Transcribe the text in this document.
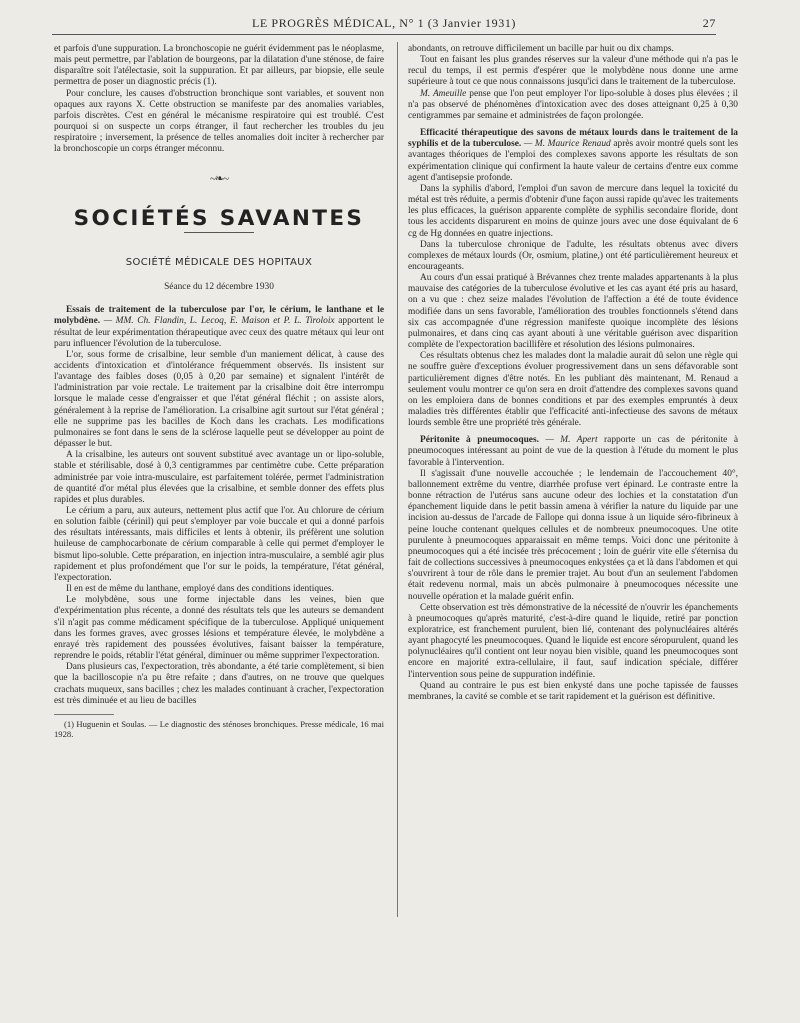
LE PROGRÈS MÉDICAL, N° 1 (3 Janvier 1931)	27

et parfois d'une suppuration. La bronchoscopie ne guérit évidemment pas le néoplasme, mais peut permettre, par l'ablation de bourgeons, par la dilatation d'une sténose, de faire disparaître soit l'atélectasie, soit la suppuration. Et par ailleurs, par biopsie, elle seule permettra de poser un diagnostic précis (1).

Pour conclure, les causes d'obstruction bronchique sont variables, et souvent non opaques aux rayons X. Cette obstruction se manifeste par des anomalies variables, parfois discrètes. C'est en général le mécanisme respiratoire qui est troublé. C'est pourquoi si on suspecte un corps étranger, il faut rechercher les troubles du jeu respiratoire ; inversement, la présence de telles anomalies doit inciter à rechercher par la bronchoscopie un corps étranger méconnu.

~❧~
SOCIÉTÉS SAVANTES
SOCIÉTÉ MÉDICALE DES HOPITAUX
Séance du 12 décembre 1930

Essais de traitement de la tuberculose par l'or, le cérium, le lanthane et le molybdène. — MM. Ch. Flandin, L. Lecoq, E. Maison et P. L. Tiroloix apportent le résultat de leur expérimentation thérapeutique avec ceux des quatre métaux qui leur ont paru influencer l'évolution de la tuberculose.

L'or, sous forme de crisalbine, leur semble d'un maniement délicat, à cause des accidents d'intoxication et d'intolérance fréquemment observés. Ils insistent sur l'avantage des faibles doses (0,05 à 0,20 par semaine) et signalent l'intérêt de l'administration par voie rectale. Le traitement par la crisalbine doit être interrompu lorsque le malade cesse d'engraisser et que l'état général fléchit ; on assiste alors, généralement à la reprise de l'amélioration. La crisalbine agit surtout sur l'état général ; elle ne supprime pas les bacilles de Koch dans les crachats. Les modifications pulmonaires se font dans le sens de la sclérose laquelle peut se développer au point de dépasser le but.

A la crisalbine, les auteurs ont souvent substitué avec avantage un or lipo-soluble, stable et stérilisable, dosé à 0,3 centigrammes par centimètre cube. Cette préparation administrée par voie intra-musculaire, est parfaitement tolérée, permet l'administration de quantité d'or métal plus élevées que la crisalbine, et semble donner des effets plus rapides et plus durables.

Le cérium a paru, aux auteurs, nettement plus actif que l'or. Au chlorure de cérium en solution faible (cérinil) qui peut s'employer par voie buccale et qui a donné parfois des résultats intéressants, mais difficiles et lents à obtenir, ils préfèrent une solution huileuse de camphocarbonate de cérium comparable à celle qui permet d'employer le bismut lipo-soluble. Cette préparation, en injection intra-musculaire, a semblé agir plus rapidement et plus profondément que l'or sur le poids, la température, l'état général, l'expectoration.

Il en est de même du lanthane, employé dans des conditions identiques.

Le molybdène, sous une forme injectable dans les veines, bien que d'expérimentation plus récente, a donné des résultats tels que les auteurs se demandent s'il n'agit pas comme médicament spécifique de la tuberculose. Appliqué uniquement dans les formes graves, avec grosses lésions et température élevée, le molybdène a enrayé très rapidement des poussées évolutives, faisant baisser la température, reprendre le poids, rétablir l'état général, diminuer ou même supprimer l'expectoration.

Dans plusieurs cas, l'expectoration, très abondante, a été tarie complètement, si bien que la bacilloscopie n'a pu être refaite ; dans d'autres, on ne trouve que quelques crachats muqueux, sans bacilles ; chez les malades continuant à cracher, l'expectoration est très diminuée et au lieu de bacilles

(1) Huguenin et Soulas. — Le diagnostic des sténoses bronchiques. Presse médicale, 16 mai 1928.

abondants, on retrouve difficilement un bacille par huit ou dix champs.

Tout en faisant les plus grandes réserves sur la valeur d'une méthode qui n'a pas le recul du temps, il est permis d'espérer que le molybdène nous donne une arme supérieure à tout ce que nous connaissons jusqu'ici dans le traitement de la tuberculose.

M. Ameuille pense que l'on peut employer l'or lipo-soluble à doses plus élevées ; il n'a pas observé de phénomènes d'intoxication avec des doses atteignant 0,25 à 0,30 centigrammes par semaine et administrées de façon prolongée.

Efficacité thérapeutique des savons de métaux lourds dans le traitement de la syphilis et de la tuberculose. — M. Maurice Renaud après avoir montré quels sont les avantages théoriques de l'emploi des complexes savons apporte les résultats de son expérimentation clinique qui confirment la haute valeur de certains d'entre eux comme agent d'antisepsie profonde.

Dans la syphilis d'abord, l'emploi d'un savon de mercure dans lequel la toxicité du métal est très réduite, a permis d'obtenir d'une façon aussi rapide qu'avec les traitements les plus efficaces, la guérison apparente complète de syphilis secondaire floride, dont tous les accidents disparurent en moins de quinze jours avec une dose équivalant de 6 cg de Hg données en quatre injections.

Dans la tuberculose chronique de l'adulte, les résultats obtenus avec divers complexes de métaux lourds (Or, osmium, platine,) ont été particulièrement heureux et encourageants.

Au cours d'un essai pratiqué à Brévannes chez trente malades appartenants à la plus mauvaise des catégories de la tuberculose évolutive et les cas ayant été pris au hasard, on a vu que : chez seize malades l'évolution de l'affection a été de toute évidence modifiée dans un sens favorable, l'amélioration des troubles fonctionnels s'étend dans six cas accompagnée d'une régression manifeste quoique incomplète des lésions pulmonaires, et dans cinq cas ayant abouti à une véritable guérison avec disparition complète de l'expectoration bacillifère et résolution des lésions pulmonaires.

Ces résultats obtenus chez les malades dont la maladie aurait dû selon une règle qui ne souffre guère d'exceptions évoluer progressivement dans un sens défavorable sont particulièrement dignes d'être notés. En les publiant dès maintenant, M. Renaud a seulement voulu montrer ce qu'on sera en droit d'attendre des complexes savons quand on les emploiera dans de bonnes conditions et par des exemples empruntés à deux maladies très différentes établir que l'efficacité anti-infectieuse des savons de métaux lourds semble être une propriété très générale.

Péritonite à pneumocoques. — M. Apert rapporte un cas de péritonite à pneumocoques intéressant au point de vue de la question à l'étude du moment le plus favorable à l'intervention.

Il s'agissait d'une nouvelle accouchée ; le lendemain de l'accouchement 40°, ballonnement extrême du ventre, diarrhée profuse vert épinard. Le contraste entre la bonne rétraction de l'utérus sans aucune odeur des lochies et la constatation d'un épanchement liquide dans le petit bassin amena à vérifier la nature du liquide par une incision au-dessus de l'arcade de Fallope qui donna issue à un liquide séro-fibrineux à peine louche contenant quelques cellules et de nombreux pneumocoques. Une otite purulente à pneumocoques apparaissait en même temps. Voici donc une péritonite à pneumocoques qui a été incisée très précocement ; loin de guérir vite elle s'éternisa du fait de collections successives à pneumocoques enkystées ça et là dans l'abdomen et qui s'ouvrirent à tour de rôle dans le premier trajet. Au bout d'un an seulement l'abdomen était redevenu normal, mais un abcès pulmonaire à pneumocoques nécessite une nouvelle opération et la malade guérit enfin.

Cette observation est très démonstrative de la nécessité de n'ouvrir les épanchements à pneumocoques qu'après maturité, c'est-à-dire quand le liquide, retiré par ponction exploratrice, est franchement purulent, bien lié, contenant des polynucléaires altérés ayant phagocyté les pneumocoques. Quand le liquide est encore séropurulent, quand les polynucléaires qu'il contient ont leur noyau bien visible, quand les pneumocoques sont encore en majorité extra-cellulaire, il faut, sauf indication spéciale, différer l'intervention sous peine de suppuration indéfinie.

Quand au contraire le pus est bien enkysté dans une poche tapissée de fausses membranes, la cavité se comble et se tarit rapidement et la guérison est définitive.
